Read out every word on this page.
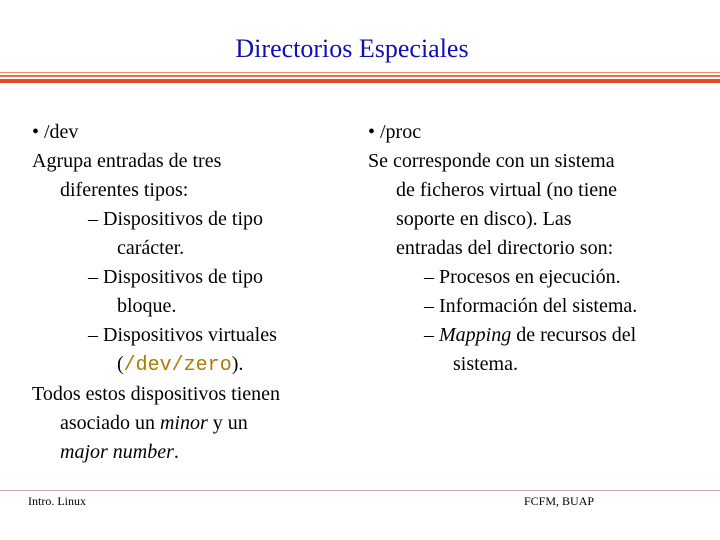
Directorios Especiales
• /dev
Agrupa entradas de tres
diferentes tipos:
– Dispositivos de tipo
carácter.
– Dispositivos de tipo
bloque.
– Dispositivos virtuales
(/dev/zero).
Todos estos dispositivos tienen
asociado un minor y un
major number.
• /proc
Se corresponde con un sistema
de ficheros virtual (no tiene
soporte en disco). Las
entradas del directorio son:
– Procesos en ejecución.
– Información del sistema.
– Mapping de recursos del
sistema.
Intro. Linux	FCFM, BUAP
